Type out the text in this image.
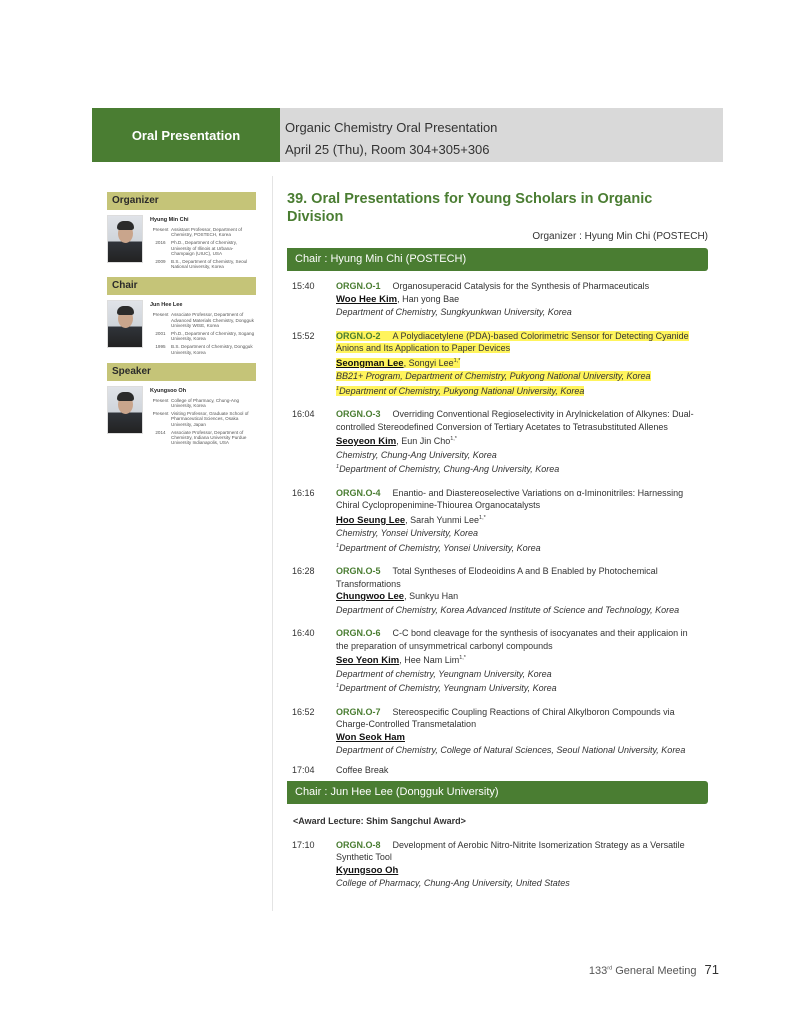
Oral Presentation	Organic Chemistry Oral Presentation
April 25 (Thu), Room 304+305+306
Organizer
Hyung Min Chi
Present Assistant Professor, Department of Chemistry, POSTECH, Korea
2016	Ph.D., Department of Chemistry, University of Illinois at Urbana-Champaign (UIUC), USA
2009	B.S., Department of Chemistry, Seoul National University, Korea
Chair
Jun Hee Lee
Present Associate Professor, Department of Advanced Materials Chemistry, Dongguk University WISE, Korea
2001	Ph.D., Department of Chemistry, Sogang University, Korea
1995	B.S. Department of Chemistry, Dongguk University, Korea
Speaker
Kyungsoo Oh
Present College of Pharmacy, Chung-Ang University, Korea
Present Visiting Professor, Graduate School of Pharmaceutical Sciences, Osaka University, Japan
2014	Associate Professor, Department of Chemistry, Indiana University Purdue University Indianapolis, USA
39. Oral Presentations for Young Scholars in Organic Division
Organizer : Hyung Min Chi (POSTECH)
Chair : Hyung Min Chi (POSTECH)
15:40	ORGN.O-1 Organosuperacid Catalysis for the Synthesis of Pharmaceuticals
Woo Hee Kim, Han yong Bae
Department of Chemistry, Sungkyunkwan University, Korea
15:52	ORGN.O-2 A Polydiacetylene (PDA)-based Colorimetric Sensor for Detecting Cyanide Anions and Its Application to Paper Devices
Seongman Lee, Songyi Lee$^{1,*}$
BB21+ Program, Department of Chemistry, Pukyong National University, Korea
$^1$Department of Chemistry, Pukyong National University, Korea
16:04	ORGN.O-3 Overriding Conventional Regioselectivity in Arylnickelation of Alkynes: Dual-controlled Stereodefined Conversion of Tertiary Acetates to Tetrasubstituted Allenes
Seoyeon Kim, Eun Jin Cho$^{1,*}$
Chemistry, Chung-Ang University, Korea
$^1$Department of Chemistry, Chung-Ang University, Korea
16:16	ORGN.O-4 Enantio- and Diastereoselective Variations on α-Iminonitriles: Harnessing Chiral Cyclopropenimine-Thiourea Organocatalysts
Hoo Seung Lee, Sarah Yunmi Lee$^{1,*}$
Chemistry, Yonsei University, Korea
$^1$Department of Chemistry, Yonsei University, Korea
16:28	ORGN.O-5 Total Syntheses of Elodeoidins A and B Enabled by Photochemical Transformations
Chungwoo Lee, Sunkyu Han
Department of Chemistry, Korea Advanced Institute of Science and Technology, Korea
16:40	ORGN.O-6 C-C bond cleavage for the synthesis of isocyanates and their applicaion in the preparation of unsymmetrical carbonyl compounds
Seo Yeon Kim, Hee Nam Lim$^{1,*}$
Department of chemistry, Yeungnam University, Korea
$^1$Department of Chemistry, Yeungnam University, Korea
16:52	ORGN.O-7 Stereospecific Coupling Reactions of Chiral Alkylboron Compounds via Charge-Controlled Transmetalation
Won Seok Ham
Department of Chemistry, College of Natural Sciences, Seoul National University, Korea
17:04	Coffee Break
Chair : Jun Hee Lee (Dongguk University)
<Award Lecture: Shim Sangchul Award>
17:10	ORGN.O-8 Development of Aerobic Nitro-Nitrite Isomerization Strategy as a Versatile Synthetic Tool
Kyungsoo Oh
College of Pharmacy, Chung-Ang University, United States
133rd General Meeting 71
